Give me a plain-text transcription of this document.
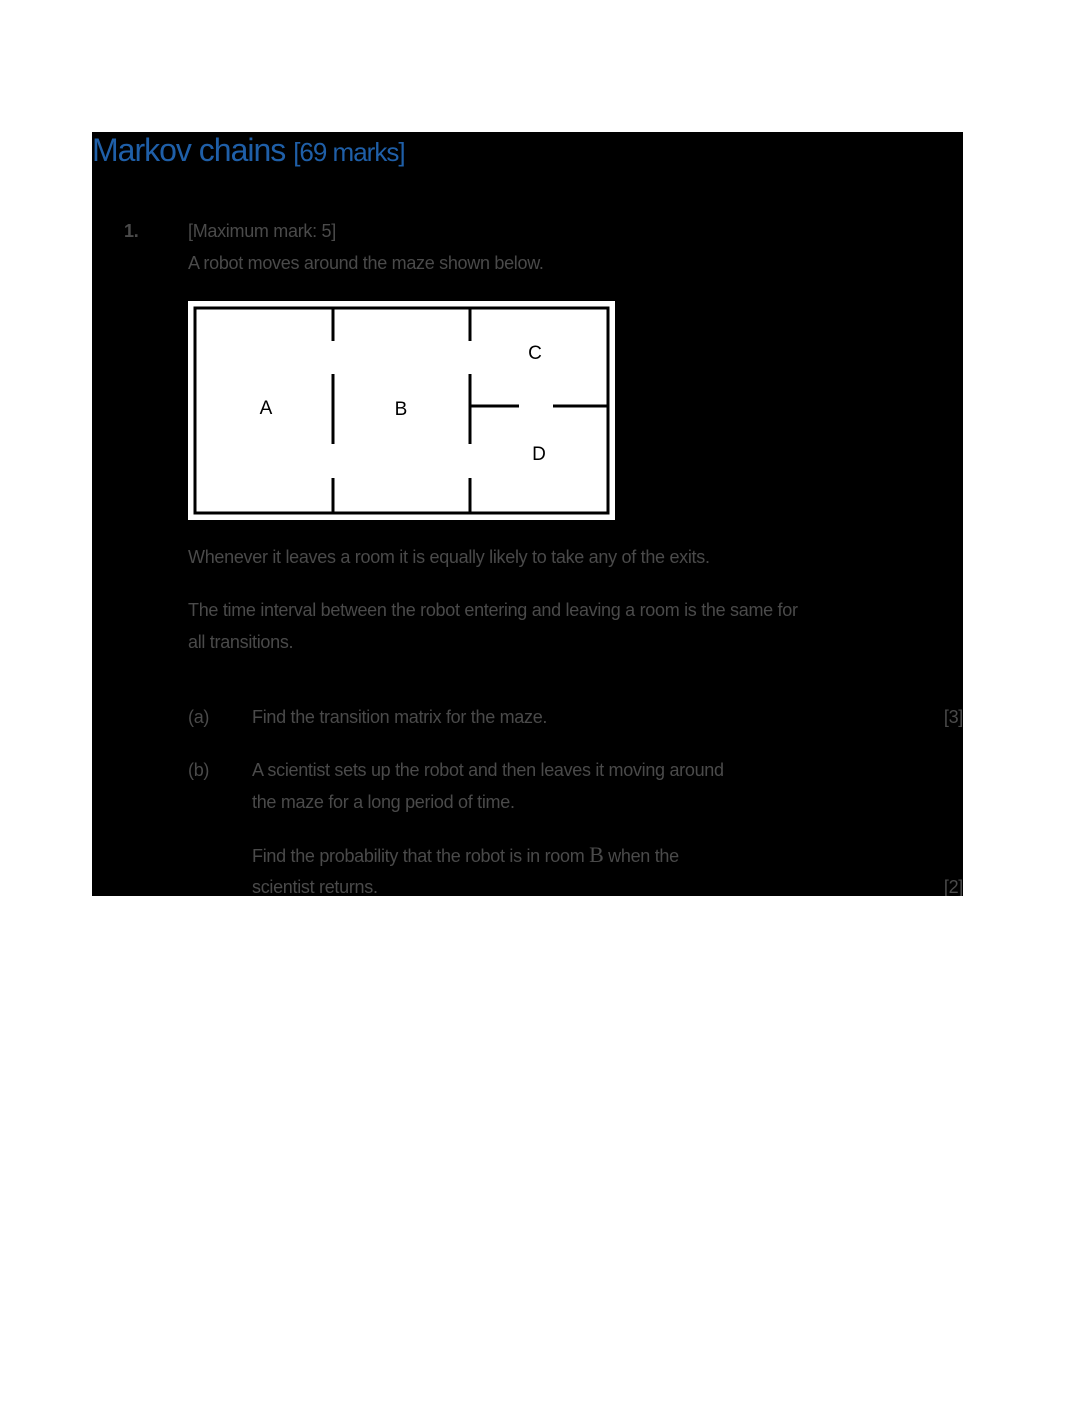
Markov chains [69 marks]
1.	[Maximum mark: 5]
A robot moves around the maze shown below.
A	B
C
D
Whenever it leaves a room it is equally likely to take any of the exits.
The time interval between the robot entering and leaving a room is the same for
all transitions.
(a) Find the transition matrix for the maze.	[3]
(b) A scientist sets up the robot and then leaves it moving around
the maze for a long period of time.
Find the probability that the robot is in room B when the
scientist returns.	[2]
